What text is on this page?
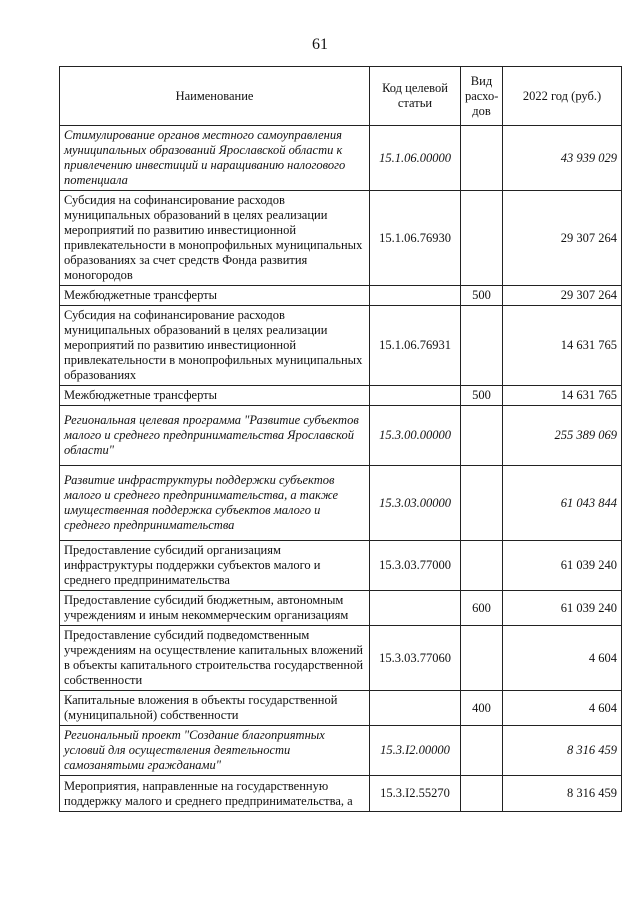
61
Наименование	Код целевой статьи	Вид расхо-дов	2022 год (руб.)
Стимулирование органов местного самоуправления муниципальных образований Ярославской области к привлечению инвестиций и наращиванию налогового потенциала	15.1.06.00000		43 939 029
Субсидия на софинансирование расходов муниципальных образований в целях реализации мероприятий по развитию инвестиционной привлекательности в монопрофильных муниципальных образованиях за счет средств Фонда развития моногородов	15.1.06.76930		29 307 264
Межбюджетные трансферты		500	29 307 264
Субсидия на софинансирование расходов муниципальных образований в целях реализации мероприятий по развитию инвестиционной привлекательности в монопрофильных муниципальных образованиях	15.1.06.76931		14 631 765
Межбюджетные трансферты		500	14 631 765
Региональная целевая программа "Развитие субъектов малого и среднего предпринимательства Ярославской области"	15.3.00.00000		255 389 069
Развитие инфраструктуры поддержки субъектов малого и среднего предпринимательства, а также имущественная поддержка субъектов малого и среднего предпринимательства	15.3.03.00000		61 043 844
Предоставление субсидий организациям инфраструктуры поддержки субъектов малого и среднего предпринимательства	15.3.03.77000		61 039 240
Предоставление субсидий бюджетным, автономным учреждениям и иным некоммерческим организациям		600	61 039 240
Предоставление субсидий подведомственным учреждениям на осуществление капитальных вложений в объекты капитального строительства государственной собственности	15.3.03.77060		4 604
Капитальные вложения в объекты государственной (муниципальной) собственности		400	4 604
Региональный проект "Создание благоприятных условий для осуществления деятельности самозанятыми гражданами"	15.3.I2.00000		8 316 459
Мероприятия, направленные на государственную поддержку малого и среднего предпринимательства, а	15.3.I2.55270		8 316 459
